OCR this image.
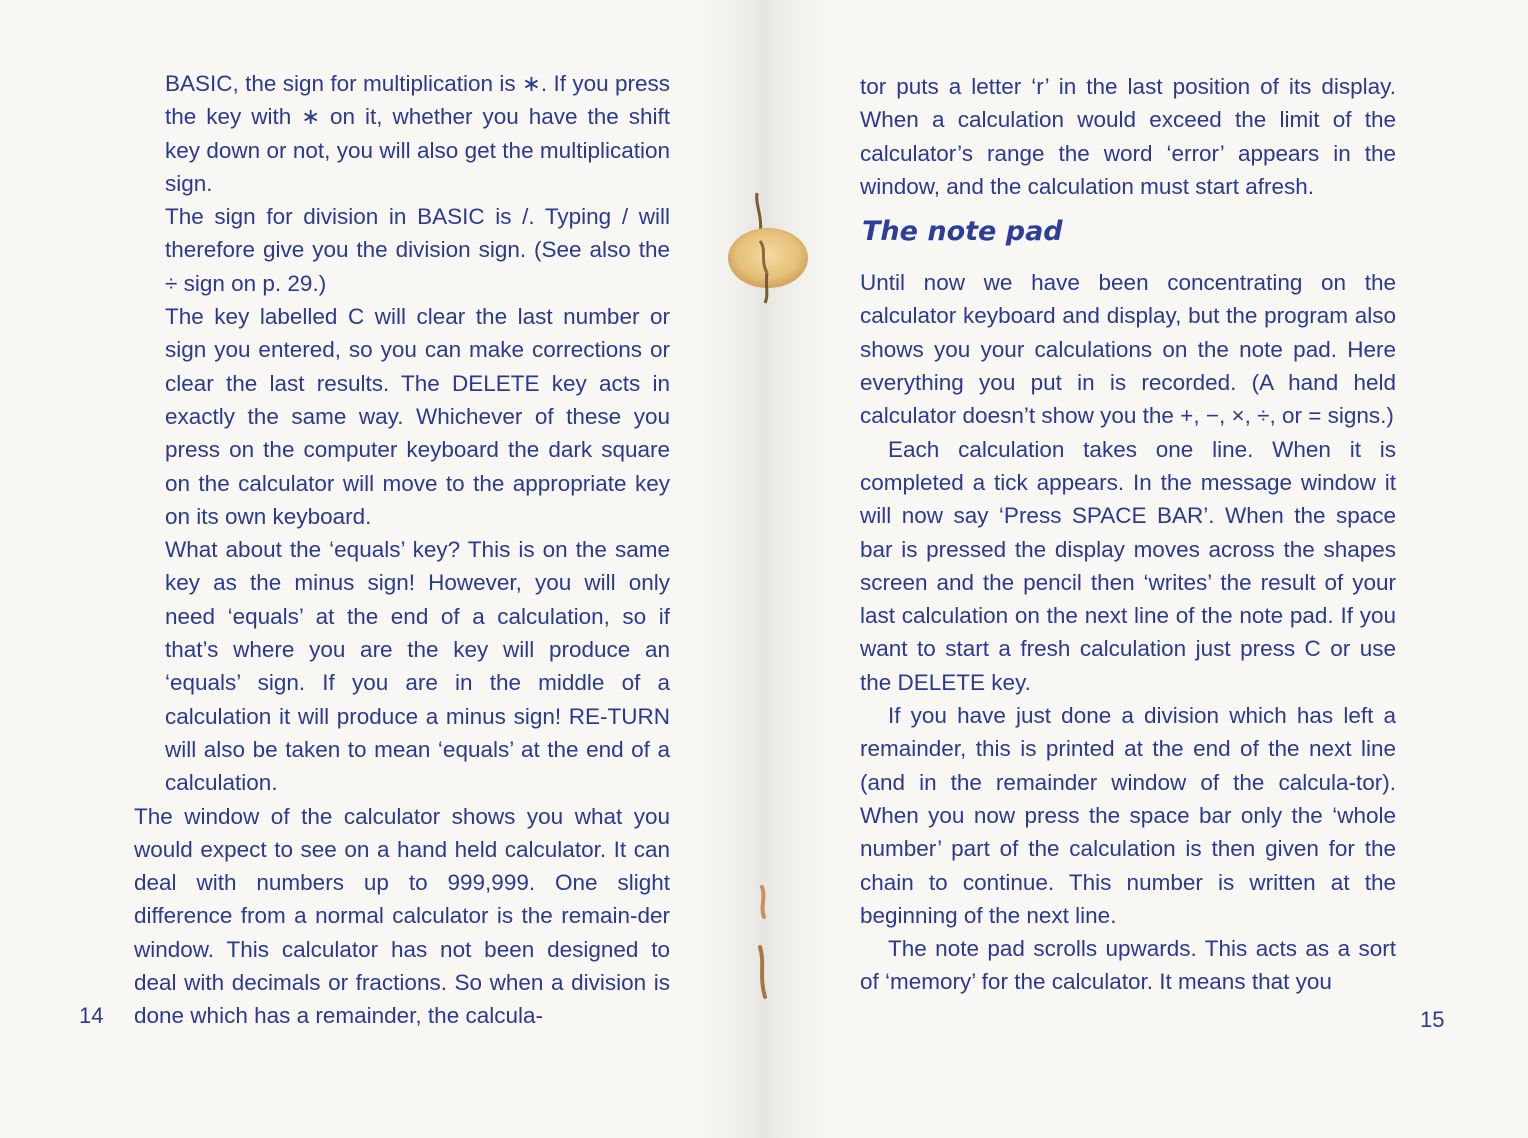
BASIC, the sign for multiplication is ∗. If you press the key with ∗ on it, whether you have the shift key down or not, you will also get the multiplication sign.

The sign for division in BASIC is /. Typing / will therefore give you the division sign. (See also the ÷ sign on p. 29.)

The key labelled C will clear the last number or sign you entered, so you can make corrections or clear the last results. The DELETE key acts in exactly the same way. Whichever of these you press on the computer keyboard the dark square on the calculator will move to the appropriate key on its own keyboard.

What about the ‘equals’ key? This is on the same key as the minus sign! However, you will only need ‘equals’ at the end of a calculation, so if that’s where you are the key will produce an ‘equals’ sign. If you are in the middle of a calculation it will produce a minus sign! RE-TURN will also be taken to mean ‘equals’ at the end of a calculation.

The window of the calculator shows you what you would expect to see on a hand held calculator. It can deal with numbers up to 999,999. One slight difference from a normal calculator is the remain-der window. This calculator has not been designed to deal with decimals or fractions. So when a division is done which has a remainder, the calcula-

14

tor puts a letter ‘r’ in the last position of its display. When a calculation would exceed the limit of the calculator’s range the word ‘error’ appears in the window, and the calculation must start afresh.

The note pad

Until now we have been concentrating on the calculator keyboard and display, but the program also shows you your calculations on the note pad. Here everything you put in is recorded. (A hand held calculator doesn’t show you the +, −, ×, ÷, or = signs.)

Each calculation takes one line. When it is completed a tick appears. In the message window it will now say ‘Press SPACE BAR’. When the space bar is pressed the display moves across the shapes screen and the pencil then ‘writes’ the result of your last calculation on the next line of the note pad. If you want to start a fresh calculation just press C or use the DELETE key.

If you have just done a division which has left a remainder, this is printed at the end of the next line (and in the remainder window of the calcula-tor). When you now press the space bar only the ‘whole number’ part of the calculation is then given for the chain to continue. This number is written at the beginning of the next line.

The note pad scrolls upwards. This acts as a sort of ‘memory’ for the calculator. It means that you

15
